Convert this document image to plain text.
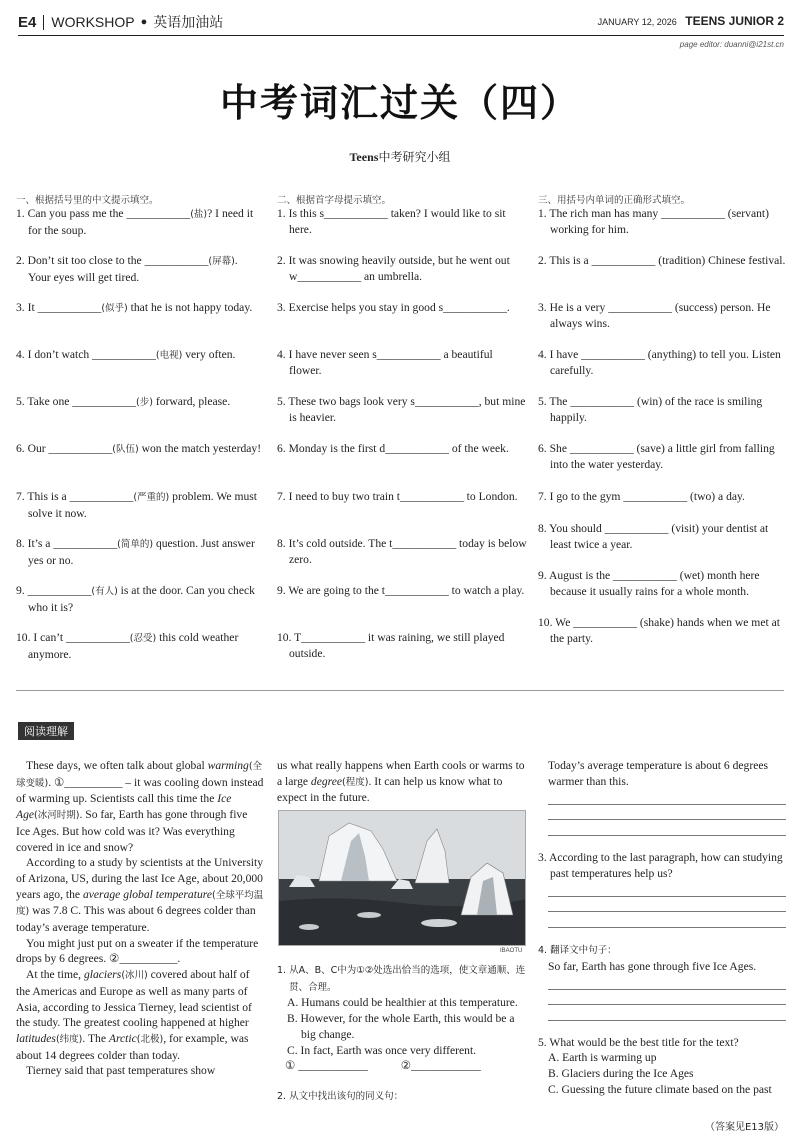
E4 WORKSHOP ● 英语加油站	JANUARY 12, 2026 TEENS JUNIOR 2
page editor: duanni@i21st.cn
中考词汇过关（四）
Teens中考研究小组
一、根据括号里的中文提示填空。
1. Can you pass me the ___________(盐)? I need it for the soup.
2. Don’t sit too close to the ___________(屏幕). Your eyes will get tired.
3. It ___________(似乎) that he is not happy today.
4. I don’t watch ___________(电视) very often.
5. Take one ___________(步) forward, please.
6. Our ___________(队伍) won the match yesterday!
7. This is a ___________(严重的) problem. We must solve it now.
8. It’s a ___________(简单的) question. Just answer yes or no.
9. ___________(有人) is at the door. Can you check who it is?
10. I can’t ___________(忍受) this cold weather anymore.
二、根据首字母提示填空。
1. Is this s___________ taken? I would like to sit here.
2. It was snowing heavily outside, but he went out w___________ an umbrella.
3. Exercise helps you stay in good s___________.
4. I have never seen s___________ a beautiful flower.
5. These two bags look very s___________, but mine is heavier.
6. Monday is the first d___________ of the week.
7. I need to buy two train t___________ to London.
8. It’s cold outside. The t___________ today is below zero.
9. We are going to the t___________ to watch a play.
10. T___________ it was raining, we still played outside.
三、用括号内单词的正确形式填空。
1. The rich man has many ___________ (servant) working for him.
2. This is a ___________ (tradition) Chinese festival.
3. He is a very ___________ (success) person. He always wins.
4. I have ___________ (anything) to tell you. Listen carefully.
5. The ___________ (win) of the race is smiling happily.
6. She ___________ (save) a little girl from falling into the water yesterday.
7. I go to the gym ___________ (two) a day.
8. You should ___________ (visit) your dentist at least twice a year.
9. August is the ___________ (wet) month here because it usually rains for a whole month.
10. We ___________ (shake) hands when we met at the party.
阅读理解

These days, we often talk about global warming(全球变暖). ①__________ – it was cooling down instead of warming up. Scientists call this time the Ice Age(冰河时期). So far, Earth has gone through five Ice Ages. But how cold was it? Was everything covered in ice and snow?

According to a study by scientists at the University of Arizona, US, during the last Ice Age, about 20,000 years ago, the average global temperature(全球平均温度) was 7.8 C. This was about 6 degrees colder than today’s average temperature.

You might just put on a sweater if the temperature drops by 6 degrees. ②__________.

At the time, glaciers(冰川) covered about half of the Americas and Europe as well as many parts of Asia, according to Jessica Tierney, lead scientist of the study. The greatest cooling happened at higher latitudes(纬度). The Arctic(北极), for example, was about 14 degrees colder than today.

Tierney said that past temperatures show

us what really happens when Earth cools or warms to a large degree(程度). It can help us know what to expect in the future.
IBAOTU
1. 从A、B、C中为①②处选出恰当的选项，使文章通顺、连贯、合理。
A. Humans could be healthier at this temperature.
B. However, for the whole Earth, this would be a big change.
C. In fact, Earth was once very different.
① ____________	②____________
2. 从文中找出该句的同义句：
Today’s average temperature is about 6 degrees warmer than this.
3. According to the last paragraph, how can studying past temperatures help us?
4. 翻译文中句子：
So far, Earth has gone through five Ice Ages.
5. What would be the best title for the text?
A. Earth is warming up
B. Glaciers during the Ice Ages
C. Guessing the future climate based on the past
（答案见E13版）
